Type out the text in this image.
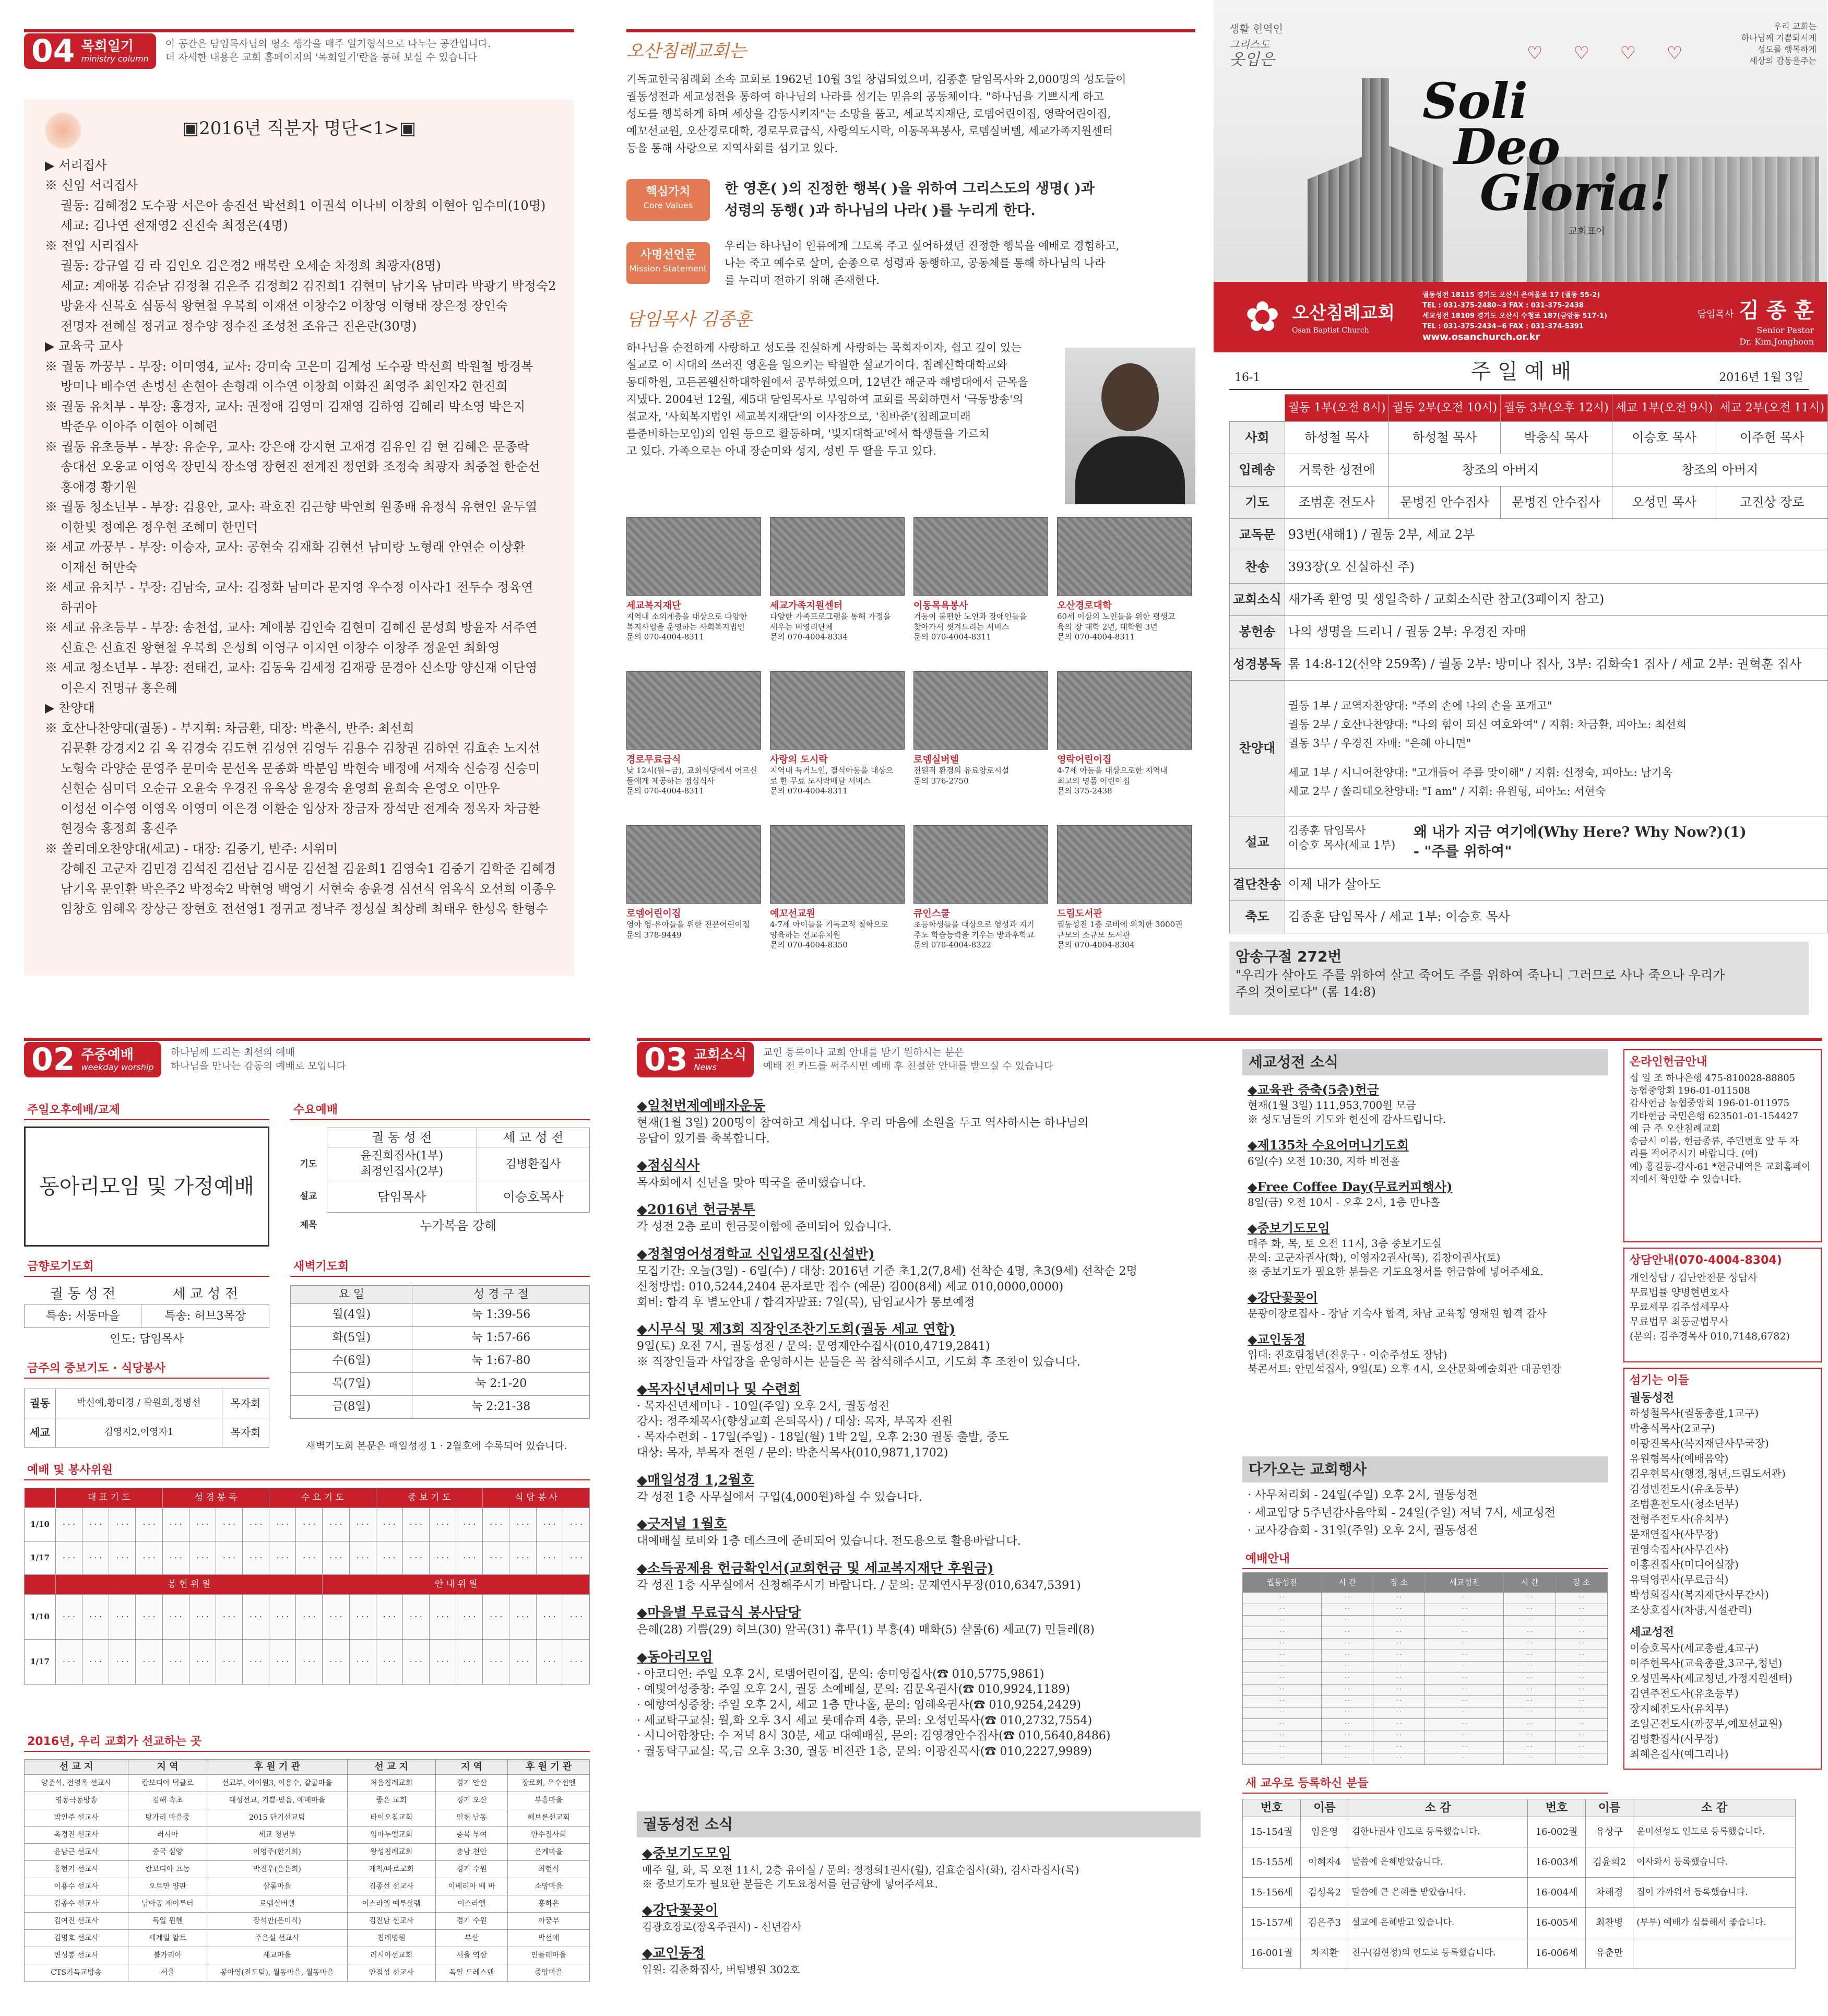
04 목회일기
ministry column
이 공간은 담임목사님의 평소 생각을 매주 일기형식으로 나누는 공간입니다.
더 자세한 내용은 교회 홈페이지의 '목회일기'란을 통해 보실 수 있습니다
▣2016년 직분자 명단<1>▣
▶ 서리집사
※ 신임 서리집사
궐동: 김혜정2 도수광 서은아 송진선 박선희1 이권석 이나비 이창희 이현아 임수미(10명)
세교: 김나연 전재영2 진진숙 최정은(4명)
※ 전입 서리집사
궐동: 강규열 김 라 김인오 김은경2 배복란 오세순 차정희 최광자(8명)
세교: 계애봉 김순남 김정철 김은주 김정희2 김진희1 김현미 남기옥 남미라 박광기 박정숙2
방윤자 신복호 심동석 왕현철 우복희 이재선 이창수2 이창영 이형태 장은정 장인숙
전명자 전혜실 정귀교 정수양 정수진 조성천 조유근 진은란(30명)
▶ 교육국 교사
※ 궐동 까꿍부 - 부장: 이미영4, 교사: 강미숙 고은미 김계성 도수광 박선희 박원철 방경복
방미나 배수연 손병선 손현아 손형래 이수연 이창희 이화진 최영주 최인자2 한진희
※ 궐동 유치부 - 부장: 홍경자, 교사: 권정애 김영미 김재영 김하영 김혜리 박소영 박은지
박준우 이아주 이현아 이혜련
※ 궐동 유초등부 - 부장: 유순우, 교사: 강은애 강지현 고재경 김유인 김 현 김혜은 문종락
송대선 오웅교 이영옥 장민식 장소영 장현진 전계진 정연화 조정숙 최광자 최중철 한순선
홍애경 황기원
※ 궐동 청소년부 - 부장: 김용안, 교사: 곽호진 김근향 박연희 원종배 유정석 유현인 윤두열
이한빛 정예은 정우현 조혜미 한민덕
※ 세교 까꿍부 - 부장: 이승자, 교사: 공현숙 김재화 김현선 남미랑 노형래 안연순 이상환
이재선 허만숙
※ 세교 유치부 - 부장: 김남숙, 교사: 김정화 남미라 문지영 우수정 이사라1 전두수 정육연
하귀아
※ 세교 유초등부 - 부장: 송천섭, 교사: 계애봉 김인숙 김현미 김혜진 문성희 방윤자 서주연
신효은 신효진 왕현철 우복희 은성희 이영구 이지연 이창수 이창주 정윤연 최화영
※ 세교 청소년부 - 부장: 전태건, 교사: 김동욱 김세정 김재광 문경아 신소망 양신재 이단영
이은지 진명규 홍은혜
▶ 찬양대
※ 호산나찬양대(궐동) - 부지휘: 차금환, 대장: 박춘식, 반주: 최선희
김문환 강경지2 김 옥 김경숙 김도현 김성연 김영두 김용수 김창권 김하연 김효손 노지선
노형숙 라양순 문영주 문미숙 문선옥 문종화 박분임 박현숙 배정애 서재숙 신승경 신승미
신현순 심미덕 오순규 오윤숙 우경진 유옥상 윤경숙 윤영희 윤희숙 은영오 이만우
이성선 이수영 이영옥 이영미 이은경 이환순 임상자 장금자 장석만 전계숙 정옥자 차금환
현경숙 홍정희 홍진주
※ 쏠리데오찬양대(세교) - 대장: 김중기, 반주: 서위미
강혜진 고군자 김민경 김석진 김선남 김시문 김선철 김윤희1 김영숙1 김중기 김학준 김혜경
남기옥 문인환 박은주2 박정숙2 박현영 백영기 서현숙 송윤경 심선식 엄옥식 오선희 이종우
임창호 임혜옥 장상근 장현호 전선영1 정귀교 정낙주 정성실 최상례 최태우 한성옥 한형수
오산침례교회는
기독교한국침례회 소속 교회로 1962년 10월 3일 창립되었으며, 김종훈 담임목사와 2,000명의 성도들이
궐동성전과 세교성전을 통하여 하나님의 나라를 섬기는 믿음의 공동체이다. "하나님을 기쁘시게 하고
성도를 행복하게 하며 세상을 감동시키자"는 소망을 품고, 세교복지재단, 로뎀어린이집, 영락어린이집,
예꼬선교원, 오산경로대학, 경로무료급식, 사랑의도시락, 이동목욕봉사, 로뎀실버텔, 세교가족지원센터
등을 통해 사랑으로 지역사회를 섬기고 있다.
핵심가치
Core Values
한 영혼( )의 진정한 행복( )을 위하여 그리스도의 생명( )과
성령의 동행( )과 하나님의 나라( )를 누리게 한다.
사명선언문
Mission Statement
우리는 하나님이 인류에게 그토록 주고 싶어하셨던 진정한 행복을 예배로 경험하고,
나는 죽고 예수로 살며, 순종으로 성령과 동행하고, 공동체를 통해 하나님의 나라
를 누리며 전하기 위해 존재한다.
담임목사 김종훈
하나님을 순전하게 사랑하고 성도를 진실하게 사랑하는 목회자이자, 쉽고 깊이 있는
설교로 이 시대의 쓰러진 영혼을 일으키는 탁월한 설교가이다. 침례신학대학교와
동대학원, 고든콘웰신학대학원에서 공부하였으며, 12년간 해군과 해병대에서 군목을
지냈다. 2004년 12월, 제5대 담임목사로 부임하여 교회를 목회하면서 '극동방송'의
설교자, '사회복지법인 세교복지재단'의 이사장으로, '침바준'(침례교미래
를준비하는모임)의 임원 등으로 활동하며, '빛지대학교'에서 학생들을 가르치
고 있다. 가족으로는 아내 장순미와 성지, 성빈 두 딸을 두고 있다.
세교복지재단
지역내 소외계층을 대상으로 다양한
복지사업을 운영하는 사회복지법인
문의 070-4004-8311
세교가족지원센터
다양한 가족프로그램을 통해 가정을
세우는 비영리단체
문의 070-4004-8334
이동목욕봉사
거동이 불편한 노인과 장애인들을
찾아가서 씻겨드리는 서비스
문의 070-4004-8311
오산경로대학
60세 이상의 노인들을 위한 평생교
육의 장 대학 2년, 대학원 3년
문의 070-4004-8311
경로무료급식
낮 12시(월~금), 교회식당에서 어르신
들에게 제공하는 점심식사
문의 070-4004-8311
사랑의 도시락
지역내 독거노인, 결식아동을 대상으
로 한 무료 도시락배달 서비스
문의 070-4004-8311
로뎀실버텔
전원적 환경의 유료양로시설
문의 376-2750
영락어린이집
4-7세 아동을 대상으로한 지역내
최고의 명품 어린이집
문의 375-2438
로뎀어린이집
영아 영·유아들을 위한 전문어린이집
문의 378-9449
예꼬선교원
4-7세 아이들을 기독교적 철학으로
양육하는 선교유치원
문의 070-4004-8350
큐인스쿨
초등학생들을 대상으로 영성과 지기
주도 학습능력을 키우는 방과후학교
문의 070-4004-8322
드림도서관
궐동성전 1층 로비에 위치한 3000권
규모의 소규모 도서관
문의 070-4004-8304
생활 현역인
그리스도
옷입은	♡ ♡ ♡ ♡
우리 교회는
하나님께 기쁨되시게
성도를 행복하게
세상의 감동을주는
Soli
Deo
Gloria!
교회표어
✿ 오산침례교회
Osan Baptist Church
궐동성전 18115 경기도 오산시 은여울로 17 (궐동 55-2)
TEL : 031-375-2480~3 FAX : 031-375-2438
세교성전 18109 경기도 오산시 수청로 187(금암동 517-1)
TEL : 031-375-2434~6 FAX : 031-374-5391
www.osanchurch.or.kr
담임목사 김 종 훈
Senior Pastor
Dr. Kim,Jonghoon
16-1	주 일 예 배	2016년 1월 3일
	궐동 1부(오전 8시)	궐동 2부(오전 10시)	궐동 3부(오후 12시)	세교 1부(오전 9시)	세교 2부(오전 11시)
사회	하성철 목사	하성철 목사	박충식 목사	이승호 목사	이주헌 목사
입례송	거룩한 성전에	창조의 아버지		창조의 아버지	
기도	조범훈 전도사	문병진 안수집사	문병진 안수집사	오성민 목사	고진상 장로
교독문	93번(새해1) / 궐동 2부, 세교 2부				
찬송	393장(오 신실하신 주)				
교회소식	새가족 환영 및 생일축하 / 교회소식란 참고(3페이지 참고)				
봉헌송	나의 생명을 드리니 / 궐동 2부: 우경진 자매				
성경봉독	롬 14:8-12(신약 259쪽) / 궐동 2부: 방미나 집사, 3부: 김화숙1 집사 / 세교 2부: 권혁훈 집사				
찬양대	궐동 1부 / 교역자찬양대: "주의 손에 나의 손을 포개고"
궐동 2부 / 호산나찬양대: "나의 힘이 되신 여호와여" / 지휘: 차금환, 피아노: 최선희
궐동 3부 / 우경진 자매: "은혜 아니면"
세교 1부 / 시니어찬양대: "고개들어 주를 맞이해" / 지휘: 신정숙, 피아노: 남기옥
세교 2부 / 쏠리데오찬양대: "I am" / 지휘: 유원형, 피아노: 서현숙				

설교	김종훈 담임목사
이승호 목사(세교 1부)
왜 내가 지금 여기에(Why Here? Why Now?)(1)
- "주를 위하여"				

결단찬송	이제 내가 살아도				
축도	김종훈 담임목사 / 세교 1부: 이승호 목사				
암송구절 272번
"우리가 살아도 주를 위하여 살고 죽어도 주를 위하여 죽나니 그러므로 사나 죽으나 우리가
주의 것이로다" (롬 14:8)
02 주중예배
weekday worship
하나님께 드리는 최선의 예배
하나님을 만나는 감동의 예배로 모입니다
주일오후예배/교제
동아리모임 및 가정예배
수요예배
	궐 동 성 전	세 교 성 전
기도	윤진희집사(1부)
최정인집사(2부)	김병환집사
설교	담임목사	이승호목사
제목	누가복음 강해	
금향로기도회
궐 동 성 전	세 교 성 전
특송: 서동마을	특송: 허브3목장
인도: 담임목사	
새벽기도회
요 일	성 경 구 절
월(4일)	눅 1:39-56
화(5일)	눅 1:57-66
수(6일)	눅 1:67-80
목(7일)	눅 2:1-20
금(8일)	눅 2:21-38
새벽기도회 본문은 매일성경 1 · 2월호에 수록되어 있습니다.
금주의 중보기도 · 식당봉사
궐동	박신예,황미경 / 곽원희,정병선	목자회
세교	김영지2,이영자1	목자회
예배 및 봉사위원
	대 표 기 도				성 경 봉 독				수 요 기 도				중 보 기 도				식 당 봉 사			
1/10	· · ·	· · ·	· · ·	· · ·	· · ·	· · ·	· · ·	· · ·	· · ·	· · ·	· · ·	· · ·	· · ·	· · ·	· · ·	· · ·	· · ·	· · ·	· · ·	· · ·
1/17	· · ·	· · ·	· · ·	· · ·	· · ·	· · ·	· · ·	· · ·	· · ·	· · ·	· · ·	· · ·	· · ·	· · ·	· · ·	· · ·	· · ·	· · ·	· · ·	· · ·
	봉 헌 위 원										안 내 위 원									
1/10	· · ·	· · ·	· · ·	· · ·	· · ·	· · ·	· · ·	· · ·	· · ·	· · ·	· · ·	· · ·	· · ·	· · ·	· · ·	· · ·	· · ·	· · ·	· · ·	· · ·
1/17	· · ·	· · ·	· · ·	· · ·	· · ·	· · ·	· · ·	· · ·	· · ·	· · ·	· · ·	· · ·	· · ·	· · ·	· · ·	· · ·	· · ·	· · ·	· · ·	· · ·
2016년, 우리 교회가 선교하는 곳
선 교 지	지 역	후 원 기 관	선 교 지	지 역	후 원 기 관
양준석, 전영옥 선교사	캄보디아 덕클로	선교부, 여이원3, 이용수, 갈굽마을	처음침례교회	경기 안산	장로회, 우수선엔
영동극동방송	김해 속초	대성선교, 기쁨·믿음, 예배마을	좋은 교회	경기 오산	부흥마을
박인주 선교사	탕가리 마을중	2015 단기선교팀	타이오침교회	인천 남동	해브론선교회
옥경진 선교사	러시아	세교 청년부	임마누엘교회	충북 부여	안수집사회
윤남근 선교사	중국 심양	이영주(한기회)	왕성침례교회	충남 천안	은계마을
홍현기 선교사	캄보디아 프놈	박진우(은은회)	개척/바로교회	경기 수원	최현식
이용수 선교사	오트만 양판	살롬마을	김종선 선교사	이베리아 배 바	소망마을
김종수 선교사	남아공 제이루터	로뎀실버텔	이스라엘 예루살렘	이스라엘	홍하은
김여진 선교사	독일 뮌헨	장석만(은미식)	김진남 선교사	경기 수원	까꿍부
김명호 선교사	세계일 알트	주은실 선교사	침례병원	부산	박선애
변성봉 선교사	불가리아	세교마을	러시아선교회	서울 역삼	민들레마을
CTS기독교방송	서울	봉아영(전도팀), 월동마을, 월동마을	안점성 선교사	독일 드레스덴	중앙마을
03 교회소식
News
교인 등록이나 교회 안내를 받기 원하시는 분은
예배 전 카드를 써주시면 예배 후 친절한 안내를 받으실 수 있습니다
◆일천번제예배자운동
현재(1월 3일) 200명이 참여하고 계십니다. 우리 마음에 소원을 두고 역사하시는 하나님의
응답이 있기를 축복합니다.
◆점심식사
목자회에서 신년을 맞아 떡국을 준비했습니다.
◆2016년 헌금봉투
각 성전 2층 로비 헌금꽂이함에 준비되어 있습니다.
◆정철영어성경학교 신입생모집(신설반)
모집기간: 오늘(3일) - 6일(수) / 대상: 2016년 기준 초1,2(7,8세) 선착순 4명, 초3(9세) 선착순 2명
신청방법: 010,5244,2404 문자로만 접수 (예문) 김00(8세) 세교 010,0000,0000)
회비: 합격 후 별도안내 / 합격자발표: 7일(목), 담임교사가 통보예정
◆시무식 및 제3회 직장인조찬기도회(궐동 세교 연합)
9일(토) 오전 7시, 궐동성전 / 문의: 문영제안수집사(010,4719,2841)
※ 직장인들과 사업장을 운영하시는 분들은 꼭 참석해주시고, 기도회 후 조찬이 있습니다.
◆목자신년세미나 및 수련회
· 목자신년세미나 - 10일(주일) 오후 2시, 궐동성전
강사: 정주채목사(향상교회 은퇴목사) / 대상: 목자, 부목자 전원
· 목자수련회 - 17일(주일) - 18일(월) 1박 2일, 오후 2:30 궐동 출발, 중도
대상: 목자, 부목자 전원 / 문의: 박춘식목사(010,9871,1702)
◆매일성경 1,2월호
각 성전 1층 사무실에서 구입(4,000원)하실 수 있습니다.
◆긋저널 1월호
대예배실 로비와 1층 데스크에 준비되어 있습니다. 전도용으로 활용바랍니다.
◆소득공제용 헌금확인서(교회헌금 및 세교복지재단 후원금)
각 성전 1층 사무실에서 신청해주시기 바랍니다. / 문의: 문재연사무장(010,6347,5391)
◆마을별 무료급식 봉사담당
은혜(28) 기쁨(29) 허브(30) 알곡(31) 휴무(1) 부흥(4) 매화(5) 샬롬(6) 세교(7) 민들레(8)
◆동아리모임
· 아코디언: 주일 오후 2시, 로뎀어린이집, 문의: 송미영집사(☎ 010,5775,9861)
· 예빛여성중창: 주일 오후 2시, 궐동 소예배실, 문의: 김문옥권사(☎ 010,9924,1189)
· 예향여성중창: 주일 오후 2시, 세교 1층 만나홀, 문의: 임혜옥권사(☎ 010,9254,2429)
· 세교탁구교실: 월,화 오후 3시 세교 롯데슈퍼 4층, 문의: 오성민목사(☎ 010,2732,7554)
· 시니어합창단: 수 저녁 8시 30분, 세교 대예배실, 문의: 김영경안수집사(☎ 010,5640,8486)
· 궐동탁구교실: 목,금 오후 3:30, 궐동 비전관 1층, 문의: 이광진목사(☎ 010,2227,9989)
궐동성전 소식
◆중보기도모임
매주 월, 화, 목 오전 11시, 2층 유아실 / 문의: 정정희1권사(월), 김효순집사(화), 김사라집사(목)
※ 중보기도가 필요한 분들은 기도요청서를 헌금함에 넣어주세요.
◆강단꽃꽂이
김광호장로(장옥주권사) - 신년감사
◆교인동정
입원: 김춘화집사, 버팀병원 302호
세교성전 소식
◆교육관 증축(5층)헌금
현재(1월 3일) 111,953,700원 모금
※ 성도님들의 기도와 헌신에 감사드립니다.
◆제135차 수요어머니기도회
6일(수) 오전 10:30, 지하 비전홀
◆Free Coffee Day(무료커피행사)
8일(금) 오전 10시 - 오후 2시, 1층 만나홀
◆중보기도모임
매주 화, 목, 토 오전 11시, 3층 중보기도실
문의: 고군자권사(화), 이영자2권사(목), 김창이권사(토)
※ 중보기도가 필요한 분들은 기도요청서를 헌금함에 넣어주세요.
◆강단꽃꽂이
문광이장로집사 - 장남 기숙사 합격, 차남 교육청 영재원 합격 감사
◆교인동정
입대: 진호림청년(진운구 · 이순주성도 장남)
북콘서트: 안민석집사, 9일(토) 오후 4시, 오산문화예술회관 대공연장
다가오는 교회행사
· 사무처리회 - 24일(주일) 오후 2시, 궐동성전
· 세교입당 5주년감사음악회 - 24일(주일) 저녁 7시, 세교성전
· 교사강습회 - 31일(주일) 오후 2시, 궐동성전
예배안내
궐동성전	시 간	장 소	세교성전	시 간	장 소
· ·	· ·	· ·	· ·	· ·	· ·
· ·	· ·	· ·	· ·	· ·	· ·
· ·	· ·	· ·	· ·	· ·	· ·
· ·	· ·	· ·	· ·	· ·	· ·
· ·	· ·	· ·	· ·	· ·	· ·
· ·	· ·	· ·	· ·	· ·	· ·
· ·	· ·	· ·	· ·	· ·	· ·
· ·	· ·	· ·	· ·	· ·	· ·
· ·	· ·	· ·	· ·	· ·	· ·
· ·	· ·	· ·	· ·	· ·	· ·
· ·	· ·	· ·	· ·	· ·	· ·
· ·	· ·	· ·	· ·	· ·	· ·
· ·	· ·	· ·	· ·	· ·	· ·
· ·	· ·	· ·	· ·	· ·	· ·
· ·	· ·	· ·	· ·	· ·	· ·
새 교우로 등록하신 분들
번호	이름	소 감	번호	이름	소 감
15-154궐	임은영	김한나권사 인도로 등록했습니다.	16-002궐	유상구	윤미선성도 인도로 등록했습니다.
15-155세	이혜자4	말씀에 은혜받았습니다.	16-003세	김윤희2	이사와서 등록했습니다.
15-156세	김성옥2	말씀에 큰 은혜를 받았습니다.	16-004세	차해경	집이 가까워서 등록했습니다.
15-157세	김은주3	설교에 은혜받고 있습니다.	16-005세	최찬병	(부부) 예배가 심플해서 좋습니다.
16-001궐	차지환	친구(김현정)의 인도로 등록했습니다.	16-006세	유춘만	
온라인헌금안내
십 일 조 하나은행 475-810028-88805
농협중앙회 196-01-011508
감사헌금 농협중앙회 196-01-011975
기타헌금 국민은행 623501-01-154427
예 금 주 오산침례교회
송금시 이름, 헌금종류, 주민번호 앞 두 자
리를 적어주시기 바랍니다. (예)
예) 홍길동-감사-61 *헌금내역은 교회홈페이
지에서 확인할 수 있습니다.
상담안내(070-4004-8304)
개인상담 / 김난안전문 상담사
무료법률 양병현변호사
무료세무 김주성세무사
무료법무 최동균법무사
(문의: 김주경목사 010,7148,6782)
섬기는 이들
궐동성전
하성철목사(궐동총괄,1교구)
박충식목사(2교구)
이광진목사(복지재단사무국장)
유원형목사(예배음악)
김우현목사(행정,청년,드림도서관)
김성빈전도사(유초등부)
조범훈전도사(청소년부)
전형주전도사(유치부)
문재연집사(사무장)
권영숙집사(사무간사)
이홍진집사(미디어실장)
유덕영권사(무료급식)
박성희집사(복지재단사무간사)
조상호집사(차량,시설관리)
세교성전
이승호목사(세교총괄,4교구)
이주헌목사(교육총괄,3교구,청년)
오성민목사(세교청년,가정지원센터)
김연주전도사(유초등부)
장지혜전도사(유치부)
조일곤전도사(까꿍부,예꼬선교원)
김병환집사(사무장)
최혜은집사(예그리나)
